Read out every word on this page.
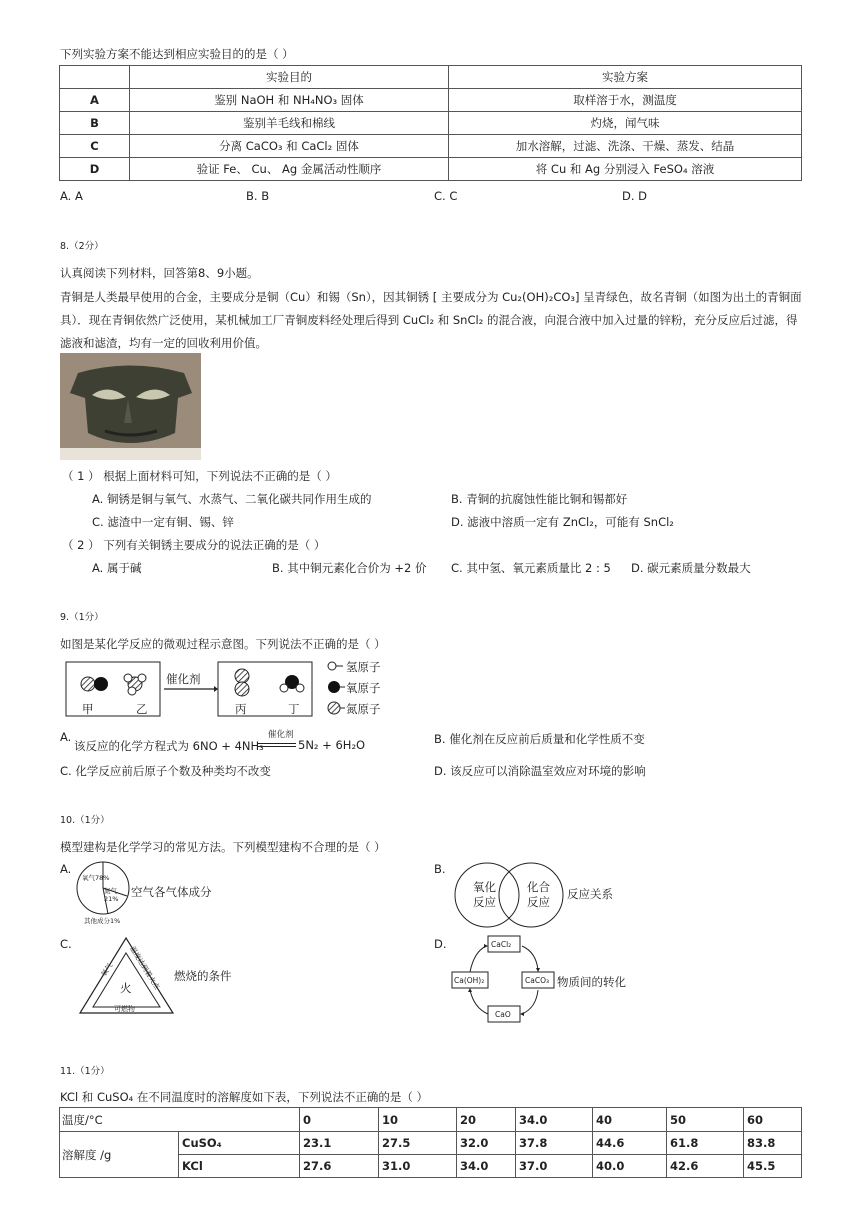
下列实验方案不能达到相应实验目的的是（ ）
	实验目的	实验方案
A	鉴别 NaOH 和 NH₄NO₃ 固体	取样溶于水，测温度
B	鉴别羊毛线和棉线	灼烧，闻气味
C	分离 CaCO₃ 和 CaCl₂ 固体	加水溶解，过滤、洗涤、干燥、蒸发、结晶
D	验证 Fe、 Cu、 Ag 金属活动性顺序	将 Cu 和 Ag 分别浸入 FeSO₄ 溶液
A. A	B. B	C. C	D. D
8.（2分）
认真阅读下列材料，回答第8、9小题。
青铜是人类最早使用的合金，主要成分是铜（Cu）和锡（Sn），因其铜锈 [ 主要成分为 Cu₂(OH)₂CO₃] 呈青绿色，故名青铜（如图为出土的青铜面
具）．现在青铜依然广泛使用，某机械加工厂青铜废料经处理后得到 CuCl₂ 和 SnCl₂ 的混合液，向混合液中加入过量的锌粉，充分反应后过滤，得
滤液和滤渣，均有一定的回收利用价值。
（ 1 ） 根据上面材料可知，下列说法不正确的是（ ）
A. 铜锈是铜与氧气、水蒸气、二氧化碳共同作用生成的	B. 青铜的抗腐蚀性能比铜和锡都好
C. 滤渣中一定有铜、锡、锌	D. 滤液中溶质一定有 ZnCl₂，可能有 SnCl₂
（ 2 ） 下列有关铜锈主要成分的说法正确的是（ ）
A. 属于碱	B. 其中铜元素化合价为 +2 价 C. 其中氢、氧元素质量比 2 : 5 D. 碳元素质量分数最大
9.（1分）
如图是某化学反应的微观过程示意图。下列说法不正确的是（ ）
催化剂
甲	乙	丙	丁
氢原子
氧原子
氮原子
A.
该反应的化学方程式为 6NO + 4NH₃
催化剂
5N₂ + 6H₂O	B. 催化剂在反应前后质量和化学性质不变
C. 化学反应前后原子个数及种类均不改变	D. 该反应可以消除温室效应对环境的影响
10.（1分）
模型建构是化学学习的常见方法。下列模型建构不合理的是（ ）
A.
氧气78%
氮气21%
其他成分1%
空气各气体成分
B.
氧化反应
化合反应
反应关系
C.
火
氧气 温度达到着火点
可燃物
燃烧的条件
D.	CaCl₂
CaCO₃
CaO
Ca(OH)₂	物质间的转化
11.（1分）
KCl 和 CuSO₄ 在不同温度时的溶解度如下表，下列说法不正确的是（ ）
温度/°C		0	10	20	34.0	40	50	60
溶解度 /g	CuSO₄	23.1	27.5	32.0	37.8	44.6	61.8	83.8
	KCl	27.6	31.0	34.0	37.0	40.0	42.6	45.5
